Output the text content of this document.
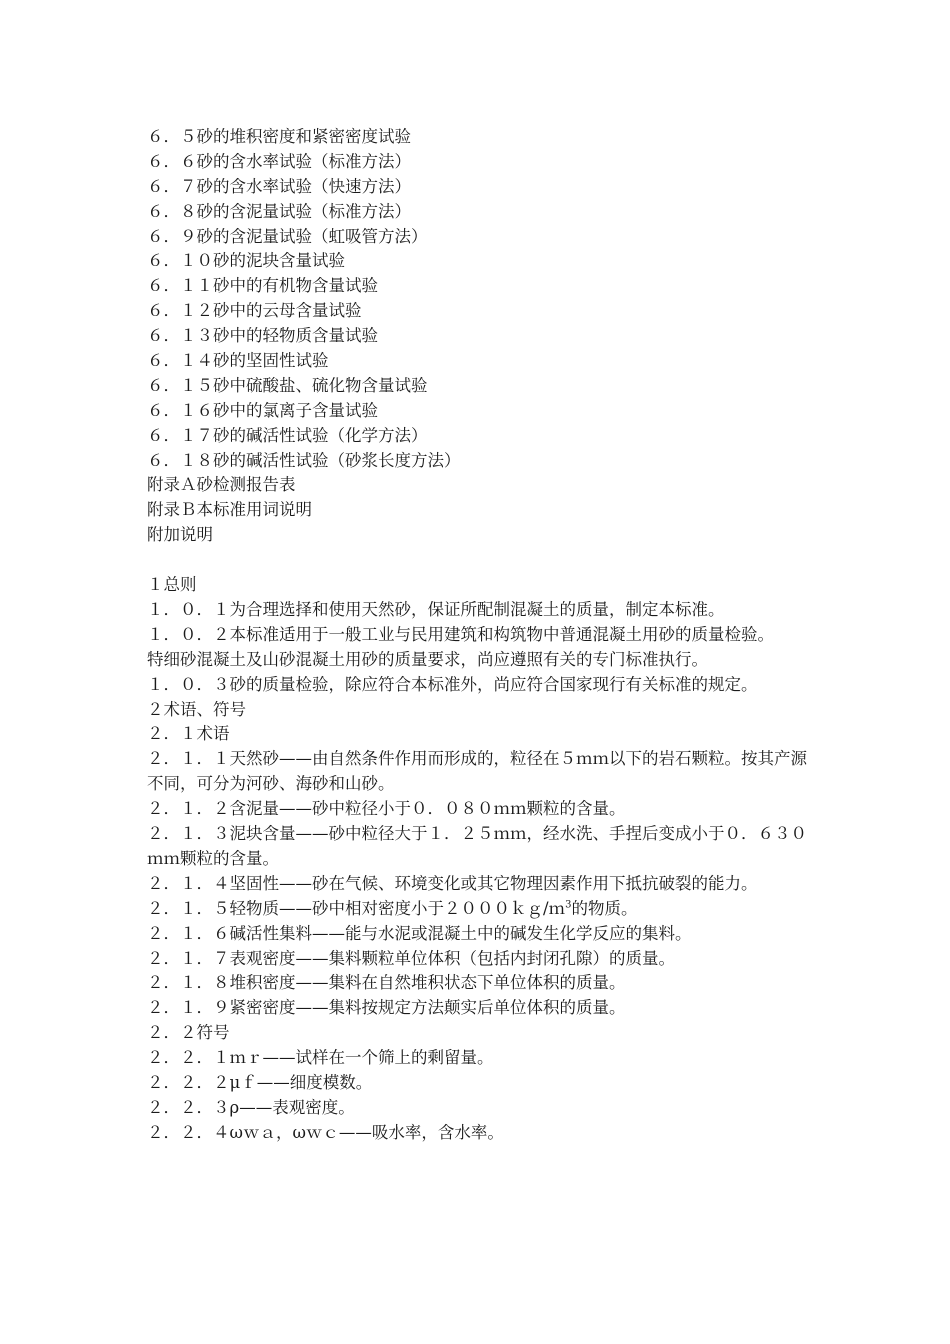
６．５砂的堆积密度和紧密密度试验
６．６砂的含水率试验（标准方法）
６．７砂的含水率试验（快速方法）
６．８砂的含泥量试验（标准方法）
６．９砂的含泥量试验（虹吸管方法）
６．１０砂的泥块含量试验
６．１１砂中的有机物含量试验
６．１２砂中的云母含量试验
６．１３砂中的轻物质含量试验
６．１４砂的坚固性试验
６．１５砂中硫酸盐、硫化物含量试验
６．１６砂中的氯离子含量试验
６．１７砂的碱活性试验（化学方法）
６．１８砂的碱活性试验（砂浆长度方法）
附录Ａ砂检测报告表
附录Ｂ本标准用词说明
附加说明
１总则
１．０．１为合理选择和使用天然砂，保证所配制混凝土的质量，制定本标准。
１．０．２本标准适用于一般工业与民用建筑和构筑物中普通混凝土用砂的质量检验。
特细砂混凝土及山砂混凝土用砂的质量要求，尚应遵照有关的专门标准执行。
１．０．３砂的质量检验，除应符合本标准外，尚应符合国家现行有关标准的规定。
２术语、符号
２．１术语
２．１．１天然砂——由自然条件作用而形成的，粒径在５ｍｍ以下的岩石颗粒。按其产源不同，可分为河砂、海砂和山砂。
２．１．２含泥量——砂中粒径小于０．０８０ｍｍ颗粒的含量。
２．１．３泥块含量——砂中粒径大于１．２５ｍｍ，经水洗、手捏后变成小于０．６３０ｍｍ颗粒的含量。
２．１．４坚固性——砂在气候、环境变化或其它物理因素作用下抵抗破裂的能力。
２．１．５轻物质——砂中相对密度小于２０００ｋｇ/ｍ$^3$的物质。
２．１．６碱活性集料——能与水泥或混凝土中的碱发生化学反应的集料。
２．１．７表观密度——集料颗粒单位体积（包括内封闭孔隙）的质量。
２．１．８堆积密度——集料在自然堆积状态下单位体积的质量。
２．１．９紧密密度——集料按规定方法颠实后单位体积的质量。
２．２符号
２．２．１ｍｒ——试样在一个筛上的剩留量。
２．２．２μｆ——细度模数。
２．２．３ρ——表观密度。
２．２．４ωｗａ，ωｗｃ——吸水率，含水率。
